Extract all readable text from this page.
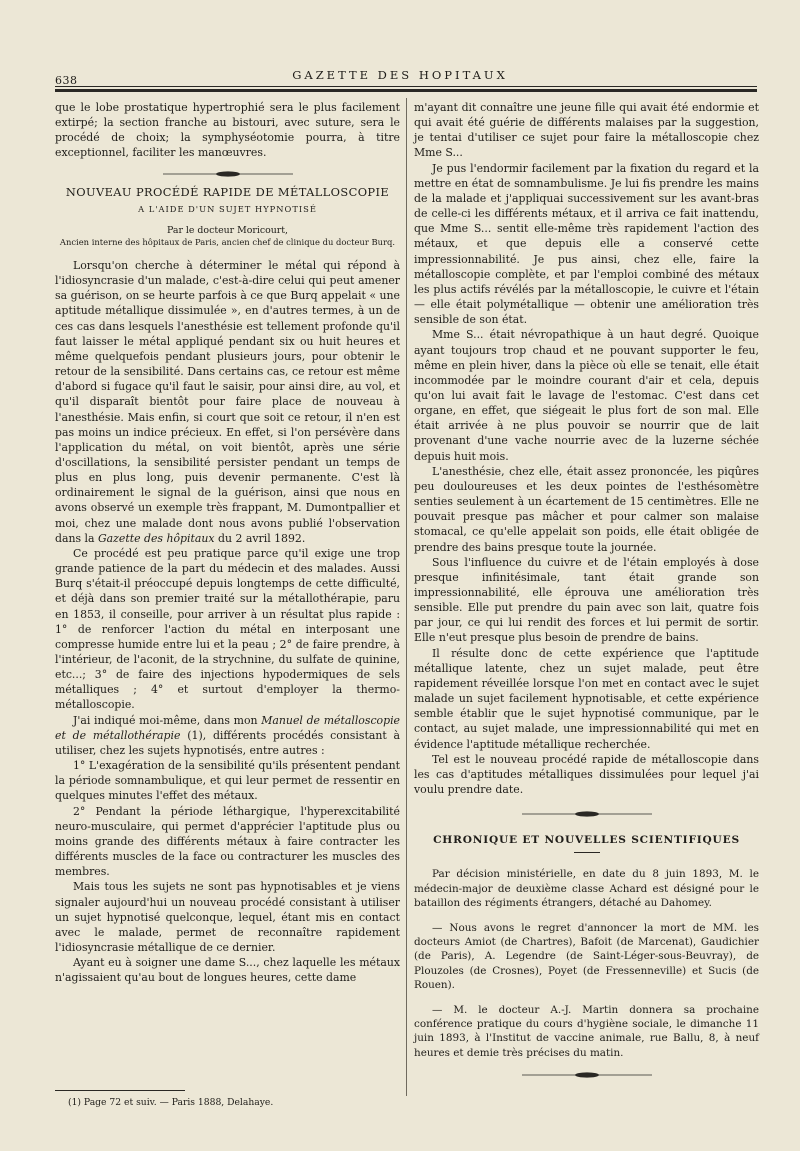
638	GAZETTE DES HOPITAUX

que le lobe prostatique hypertrophié sera le plus facilement extirpé; la section franche au bistouri, avec suture, sera le procédé de choix; la symphyséotomie pourra, à titre exceptionnel, faciliter les manœuvres.

NOUVEAU PROCÉDÉ RAPIDE DE MÉTALLOSCOPIE
A L'AIDE D'UN SUJET HYPNOTISÉ
Par le docteur Moricourt,
Ancien interne des hôpitaux de Paris, ancien chef de clinique du docteur Burq.

Lorsqu'on cherche à déterminer le métal qui répond à l'idiosyncrasie d'un malade, c'est-à-dire celui qui peut amener sa guérison, on se heurte parfois à ce que Burq appelait « une aptitude métallique dissimulée », en d'autres termes, à un de ces cas dans lesquels l'anesthésie est tellement profonde qu'il faut laisser le métal appliqué pendant six ou huit heures et même quelquefois pendant plusieurs jours, pour obtenir le retour de la sensibilité. Dans certains cas, ce retour est même d'abord si fugace qu'il faut le saisir, pour ainsi dire, au vol, et qu'il disparaît bientôt pour faire place de nouveau à l'anesthésie. Mais enfin, si court que soit ce retour, il n'en est pas moins un indice précieux. En effet, si l'on persévère dans l'application du métal, on voit bientôt, après une série d'oscillations, la sensibilité persister pendant un temps de plus en plus long, puis devenir permanente. C'est là ordinairement le signal de la guérison, ainsi que nous en avons observé un exemple très frappant, M. Dumontpallier et moi, chez une malade dont nous avons publié l'observation dans la Gazette des hôpitaux du 2 avril 1892.

Ce procédé est peu pratique parce qu'il exige une trop grande patience de la part du médecin et des malades. Aussi Burq s'était-il préoccupé depuis longtemps de cette difficulté, et déjà dans son premier traité sur la métallothérapie, paru en 1853, il conseille, pour arriver à un résultat plus rapide : 1° de renforcer l'action du métal en interposant une compresse humide entre lui et la peau ; 2° de faire prendre, à l'intérieur, de l'aconit, de la strychnine, du sulfate de quinine, etc...; 3° de faire des injections hypodermiques de sels métalliques ; 4° et surtout d'employer la thermo-métalloscopie.

J'ai indiqué moi-même, dans mon Manuel de métalloscopie et de métallothérapie (1), différents procédés consistant à utiliser, chez les sujets hypnotisés, entre autres :

1° L'exagération de la sensibilité qu'ils présentent pendant la période somnambulique, et qui leur permet de ressentir en quelques minutes l'effet des métaux.

2° Pendant la période léthargique, l'hyperexcitabilité neuro-musculaire, qui permet d'apprécier l'aptitude plus ou moins grande des différents métaux à faire contracter les différents muscles de la face ou contracturer les muscles des membres.

Mais tous les sujets ne sont pas hypnotisables et je viens signaler aujourd'hui un nouveau procédé consistant à utiliser un sujet hypnotisé quelconque, lequel, étant mis en contact avec le malade, permet de reconnaître rapidement l'idiosyncrasie métallique de ce dernier.

Ayant eu à soigner une dame S..., chez laquelle les métaux n'agissaient qu'au bout de longues heures, cette dame

m'ayant dit connaître une jeune fille qui avait été endormie et qui avait été guérie de différents malaises par la suggestion, je tentai d'utiliser ce sujet pour faire la métalloscopie chez Mme S...

Je pus l'endormir facilement par la fixation du regard et la mettre en état de somnambulisme. Je lui fis prendre les mains de la malade et j'appliquai successivement sur les avant-bras de celle-ci les différents métaux, et il arriva ce fait inattendu, que Mme S... sentit elle-même très rapidement l'action des métaux, et que depuis elle a conservé cette impressionnabilité. Je pus ainsi, chez elle, faire la métalloscopie complète, et par l'emploi combiné des métaux les plus actifs révélés par la métalloscopie, le cuivre et l'étain — elle était polymétallique — obtenir une amélioration très sensible de son état.

Mme S... était névropathique à un haut degré. Quoique ayant toujours trop chaud et ne pouvant supporter le feu, même en plein hiver, dans la pièce où elle se tenait, elle était incommodée par le moindre courant d'air et cela, depuis qu'on lui avait fait le lavage de l'estomac. C'est dans cet organe, en effet, que siégeait le plus fort de son mal. Elle était arrivée à ne plus pouvoir se nourrir que de lait provenant d'une vache nourrie avec de la luzerne séchée depuis huit mois.

L'anesthésie, chez elle, était assez prononcée, les piqûres peu douloureuses et les deux pointes de l'esthésomètre senties seulement à un écartement de 15 centimètres. Elle ne pouvait presque pas mâcher et pour calmer son malaise stomacal, ce qu'elle appelait son poids, elle était obligée de prendre des bains presque toute la journée.

Sous l'influence du cuivre et de l'étain employés à dose presque infinitésimale, tant était grande son impressionnabilité, elle éprouva une amélioration très sensible. Elle put prendre du pain avec son lait, quatre fois par jour, ce qui lui rendit des forces et lui permit de sortir. Elle n'eut presque plus besoin de prendre de bains.

Il résulte donc de cette expérience que l'aptitude métallique latente, chez un sujet malade, peut être rapidement réveillée lorsque l'on met en contact avec le sujet malade un sujet facilement hypnotisable, et cette expérience semble établir que le sujet hypnotisé communique, par le contact, au sujet malade, une impressionnabilité qui met en évidence l'aptitude métallique recherchée.

Tel est le nouveau procédé rapide de métalloscopie dans les cas d'aptitudes métalliques dissimulées pour lequel j'ai voulu prendre date.

CHRONIQUE ET NOUVELLES SCIENTIFIQUES

Par décision ministérielle, en date du 8 juin 1893, M. le médecin-major de deuxième classe Achard est désigné pour le bataillon des régiments étrangers, détaché au Dahomey.

— Nous avons le regret d'annoncer la mort de MM. les docteurs Amiot (de Chartres), Bafoit (de Marcenat), Gaudichier (de Paris), A. Legendre (de Saint-Léger-sous-Beuvray), de Plouzoles (de Crosnes), Poyet (de Fressenneville) et Sucis (de Rouen).

— M. le docteur A.-J. Martin donnera sa prochaine conférence pratique du cours d'hygiène sociale, le dimanche 11 juin 1893, à l'Institut de vaccine animale, rue Ballu, 8, à neuf heures et demie très précises du matin.

(1) Page 72 et suiv. — Paris 1888, Delahaye.
